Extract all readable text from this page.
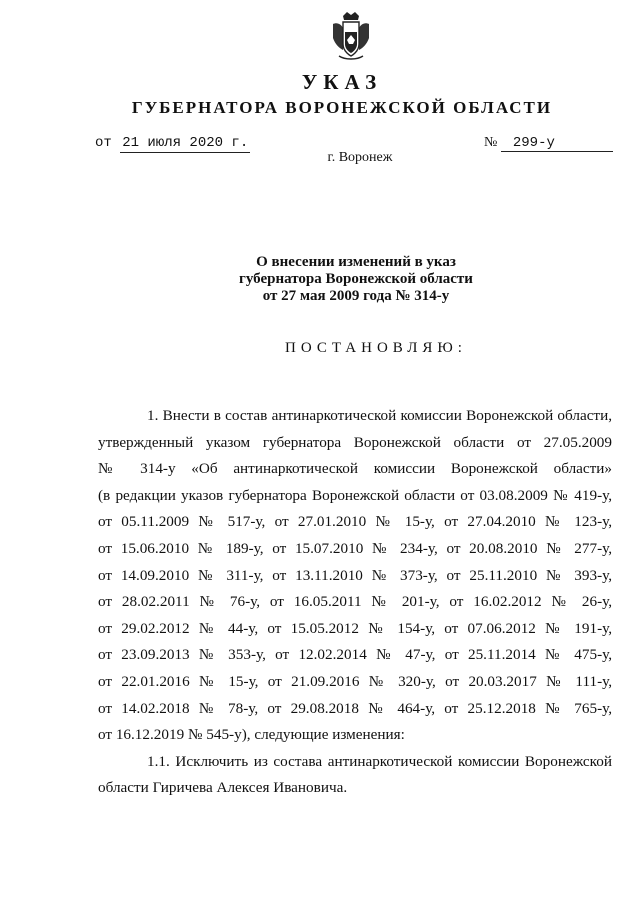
УКАЗ
ГУБЕРНАТОРА ВОРОНЕЖСКОЙ ОБЛАСТИ
от 21 июля 2020 г.	№ 299-у
г. Воронеж
О внесении изменений в указ
губернатора Воронежской области
от 27 мая 2009 года № 314-у
ПОСТАНОВЛЯЮ:
1. Внести в состав антинаркотической комиссии Воронежской области,
утвержденный указом губернатора Воронежской области от 27.05.2009
№ 314-у «Об антинаркотической комиссии Воронежской области»
(в редакции указов губернатора Воронежской области от 03.08.2009 № 419-у,
от 05.11.2009 № 517-у, от 27.01.2010 № 15-у, от 27.04.2010 № 123-у,
от 15.06.2010 № 189-у, от 15.07.2010 № 234-у, от 20.08.2010 № 277-у,
от 14.09.2010 № 311-у, от 13.11.2010 № 373-у, от 25.11.2010 № 393-у,
от 28.02.2011 № 76-у, от 16.05.2011 № 201-у, от 16.02.2012 № 26-у,
от 29.02.2012 № 44-у, от 15.05.2012 № 154-у, от 07.06.2012 № 191-у,
от 23.09.2013 № 353-у, от 12.02.2014 № 47-у, от 25.11.2014 № 475-у,
от 22.01.2016 № 15-у, от 21.09.2016 № 320-у, от 20.03.2017 № 111-у,
от 14.02.2018 № 78-у, от 29.08.2018 № 464-у, от 25.12.2018 № 765-у,
от 16.12.2019 № 545-у), следующие изменения:
1.1. Исключить из состава антинаркотической комиссии Воронежской
области Гиричева Алексея Ивановича.
